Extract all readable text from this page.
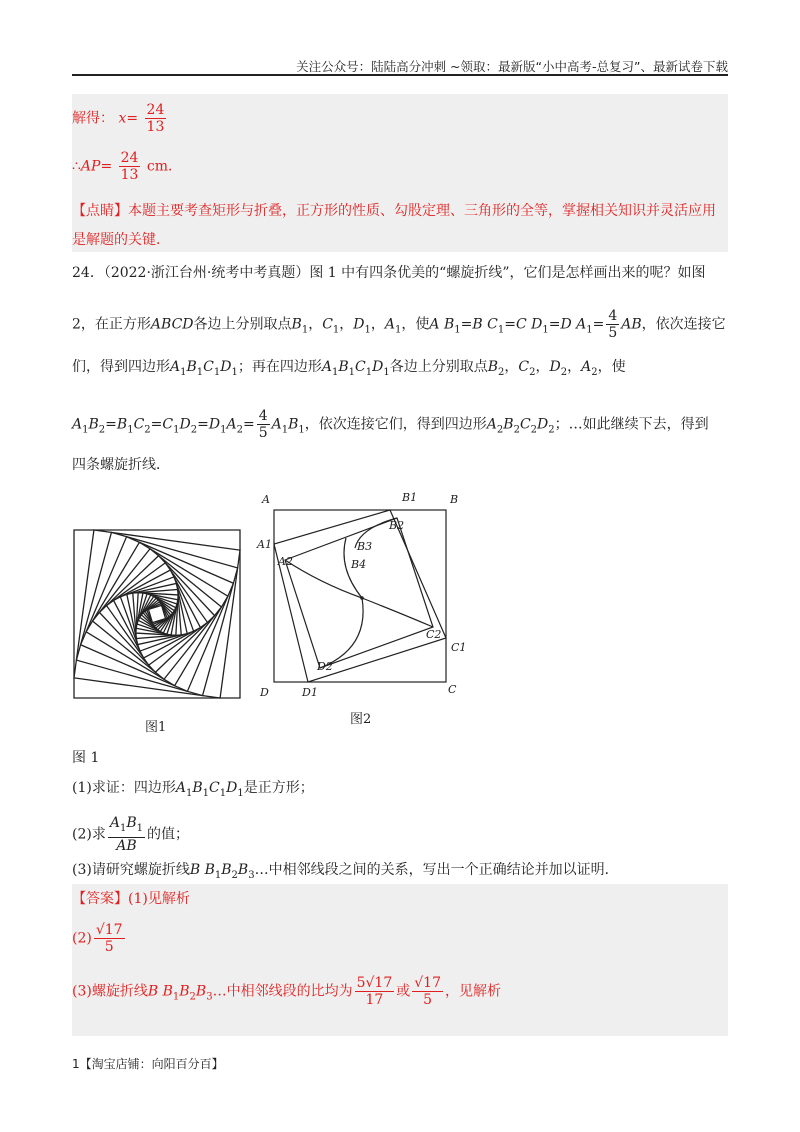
关注公众号：陆陆高分冲刺 ~领取：最新版“小中高考-总复习”、最新试卷下载
解得： $x= \frac{24}{13}$
∴AP= $\frac{24}{13}$ cm．
【点睛】本题主要考查矩形与折叠，正方形的性质、勾股定理、三角形的全等，掌握相关知识并灵活应用
是解题的关键．
24．（2022·浙江台州·统考中考真题）图 1 中有四条优美的“螺旋折线”，它们是怎样画出来的呢？如图
2，在正方形ABCD各边上分别取点$B_1$，$C_1$，$D_1$，$A_1$，使A $B_1=B$ $C_1=C$ $D_1=D$ $A_1= \frac{4}{5}$ AB，依次连接它
们，得到四边形$A_1B_1C_1D_1$；再在四边形$A_1B_1C_1D_1$各边上分别取点$B_2$，$C_2$，$D_2$，$A_2$，使
$A_1B_2=B_1C_2=C_1D_2=D_1A_2= \frac{4}{5} A_1B_1$，依次连接它们，得到四边形$A_2B_2C_2D_2$；…如此继续下去，得到
四条螺旋折线．
图1
A	B1	B
A1
A2
B2
B3
B4
C2
C1
D2
D	D1	C
图2
图 1
(1)求证：四边形$A_1B_1C_1D_1$是正方形；
(2)求 $\frac{A_1B_1}{AB}$ 的值；
(3)请研究螺旋折线B $B_1B_2B_3\dots$中相邻线段之间的关系，写出一个正确结论并加以证明．
【答案】(1)见解析
$(2) \frac{√17}{5}$
(3)螺旋折线B $B_1B_2B_3\dots$中相邻线段的比均为 $\frac{5√17}{17}$ 或 $\frac{√17}{5}$ ，见解析
1【淘宝店铺：向阳百分百】
